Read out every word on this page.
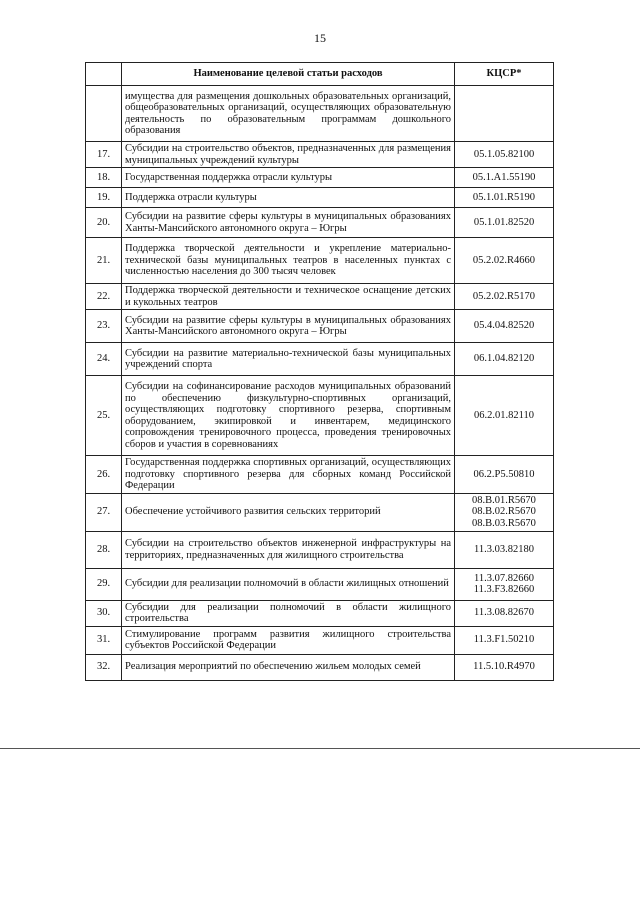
15
	Наименование целевой статьи расходов	КЦСР*
	имущества для размещения дошкольных образовательных организаций, общеобразовательных организаций, осуществляющих образовательную деятельность по образовательным программам дошкольного образования	

17.	Субсидии на строительство объектов, предназначенных для размещения муниципальных учреждений культуры	05.1.05.82100

18.	Государственная поддержка отрасли культуры	05.1.A1.55190

19.	Поддержка отрасли культуры	05.1.01.R5190

20.	Субсидии на развитие сферы культуры в муниципальных образованиях Ханты-Мансийского автономного округа – Югры	05.1.01.82520

21.	Поддержка творческой деятельности и укрепление материально-технической базы муниципальных театров в населенных пунктах с численностью населения до 300 тысяч человек	05.2.02.R4660

22.	Поддержка творческой деятельности и техническое оснащение детских и кукольных театров	05.2.02.R5170

23.	Субсидии на развитие сферы культуры в муниципальных образованиях Ханты-Мансийского автономного округа – Югры	05.4.04.82520

24.	Субсидии на развитие материально-технической базы муниципальных учреждений спорта	06.1.04.82120

25.	Субсидии на софинансирование расходов муниципальных образований по обеспечению физкультурно-спортивных организаций, осуществляющих подготовку спортивного резерва, спортивным оборудованием, экипировкой и инвентарем, медицинского сопровождения тренировочного процесса, проведения тренировочных сборов и участия в соревнованиях	06.2.01.82110

26.	Государственная поддержка спортивных организаций, осуществляющих подготовку спортивного резерва для сборных команд Российской Федерации	06.2.P5.50810

27.	Обеспечение устойчивого развития сельских территорий	08.B.01.R5670
08.B.02.R5670
08.B.03.R5670

28.	Субсидии на строительство объектов инженерной инфраструктуры на территориях, предназначенных для жилищного строительства	11.3.03.82180

29.	Субсидии для реализации полномочий в области жилищных отношений	11.3.07.82660
11.3.F3.82660

30.	Субсидии для реализации полномочий в области жилищного строительства	11.3.08.82670

31.	Стимулирование программ развития жилищного строительства субъектов Российской Федерации	11.3.F1.50210

32.	Реализация мероприятий по обеспечению жильем молодых семей	11.5.10.R4970
